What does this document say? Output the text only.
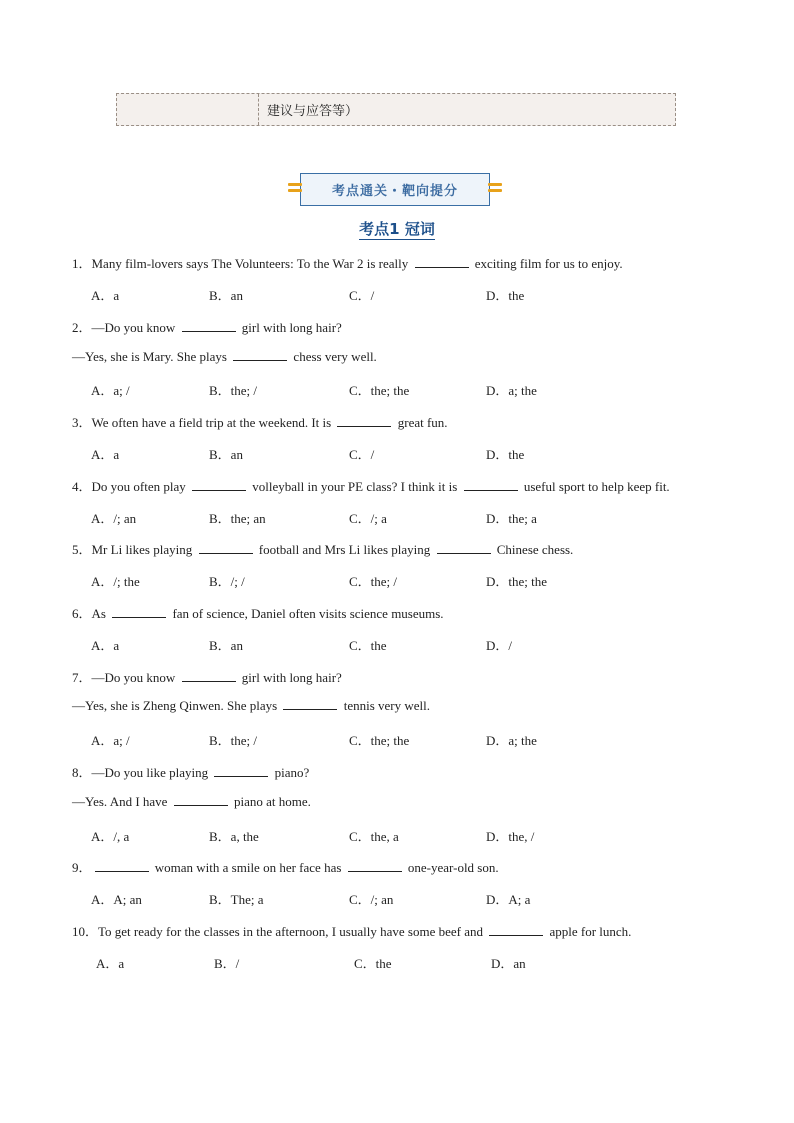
建议与应答等）
考点通关・靶向提分
考点1 冠词
1．Many film-lovers says The Volunteers: To the War 2 is really	exciting film for us to enjoy.
A．a	B．an	C．/	D．the
2．—Do you know	girl with long hair?
—Yes, she is Mary. She plays	chess very well.
A．a; /	B．the; /	C．the; the	D．a; the
3．We often have a field trip at the weekend. It is	great fun.
A．a	B．an	C．/	D．the
4．Do you often play	volleyball in your PE class? I think it is	useful sport to help keep fit.
A．/; an	B．the; an	C．/; a	D．the; a
5．Mr Li likes playing	football and Mrs Li likes playing	Chinese chess.
A．/; the	B．/; /	C．the; /	D．the; the
6．As	fan of science, Daniel often visits science museums.
A．a	B．an	C．the	D．/
7．—Do you know	girl with long hair?
—Yes, she is Zheng Qinwen. She plays	tennis very well.
A．a; /	B．the; /	C．the; the	D．a; the
8．—Do you like playing	piano?
—Yes. And I have	piano at home.
A．/, a	B．a, the	C．the, a	D．the, /
9．	woman with a smile on her face has	one-year-old son.
A．A; an	B．The; a	C．/; an	D．A; a
10．To get ready for the classes in the afternoon, I usually have some beef and	apple for lunch.
A．a	B．/	C．the	D．an
